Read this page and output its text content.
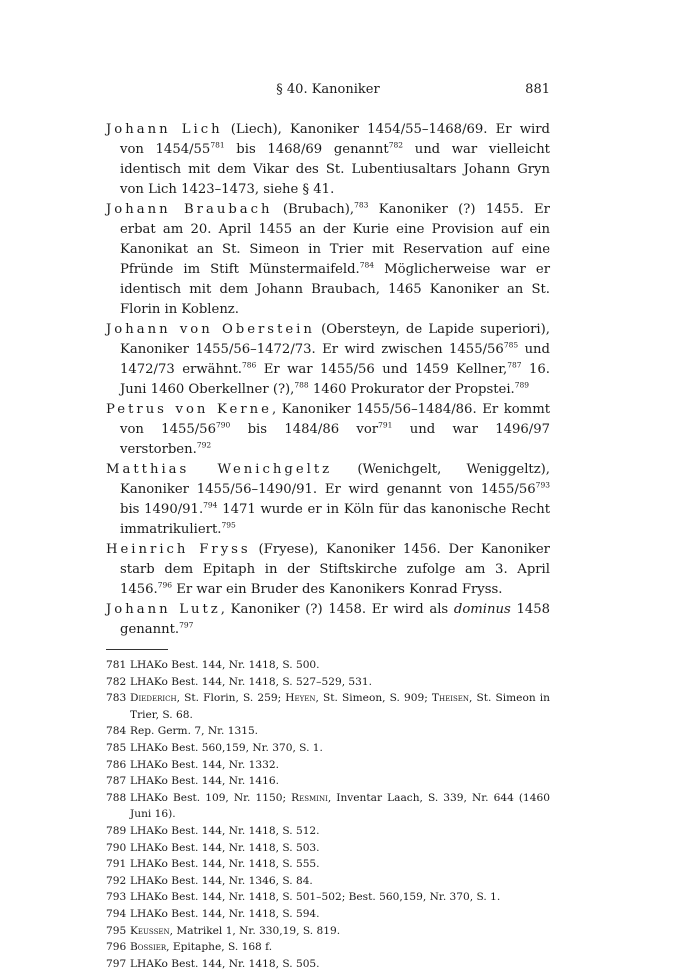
§ 40. Kanoniker	881

Johann Lich (Liech), Kanoniker 1454/55–1468/69. Er wird von $1454/55^{781}$ bis 1468/69 genannt$^{782}$ und war vielleicht identisch mit dem Vikar des St. Lubentiusaltars Johann Gryn von Lich 1423–1473, siehe § 41.

Johann Braubach (Brubach),$^{783}$ Kanoniker (?) 1455. Er erbat am 20. April 1455 an der Kurie eine Provision auf ein Kanonikat an St. Simeon in Trier mit Reservation auf eine Pfründe im Stift Münstermaifeld.$^{784}$ Möglicherweise war er identisch mit dem Johann Braubach, 1465 Kanoniker an St. Florin in Koblenz.

Johann von Oberstein (Obersteyn, de Lapide superiori), Kanoniker 1455/56–1472/73. Er wird zwischen $1455/56^{785}$ und 1472/73 erwähnt.$^{786}$ Er war 1455/56 und 1459 Kellner,$^{787}$ 16. Juni 1460 Oberkellner (?),$^{788}$ 1460 Prokurator der Propstei.$^{789}$

Petrus von Kerne, Kanoniker 1455/56–1484/86. Er kommt von $1455/56^{790}$ bis 1484/86 vor$^{791}$ und war 1496/97 verstorben.$^{792}$

Matthias Wenichgeltz (Wenichgelt, Weniggeltz), Kanoniker 1455/56–1490/91. Er wird genannt von $1455/56^{793}$ bis 1490/91.$^{794}$ 1471 wurde er in Köln für das kanonische Recht immatrikuliert.$^{795}$

Heinrich Fryss (Fryese), Kanoniker 1456. Der Kanoniker starb dem Epitaph in der Stiftskirche zufolge am 3. April 1456.$^{796}$ Er war ein Bruder des Kanonikers Konrad Fryss.

Johann Lutz, Kanoniker (?) 1458. Er wird als dominus 1458 genannt.$^{797}$

781 LHAKo Best. 144, Nr. 1418, S. 500.
782 LHAKo Best. 144, Nr. 1418, S. 527–529, 531.
783 Diederich, St. Florin, S. 259; Heyen, St. Simeon, S. 909; Theisen, St. Simeon in Trier, S. 68.
784 Rep. Germ. 7, Nr. 1315.
785 LHAKo Best. 560,159, Nr. 370, S. 1.
786 LHAKo Best. 144, Nr. 1332.
787 LHAKo Best. 144, Nr. 1416.
788 LHAKo Best. 109, Nr. 1150; Resmini, Inventar Laach, S. 339, Nr. 644 (1460 Juni 16).
789 LHAKo Best. 144, Nr. 1418, S. 512.
790 LHAKo Best. 144, Nr. 1418, S. 503.
791 LHAKo Best. 144, Nr. 1418, S. 555.
792 LHAKo Best. 144, Nr. 1346, S. 84.
793 LHAKo Best. 144, Nr. 1418, S. 501–502; Best. 560,159, Nr. 370, S. 1.
794 LHAKo Best. 144, Nr. 1418, S. 594.
795 Keussen, Matrikel 1, Nr. 330,19, S. 819.
796 Bossier, Epitaphe, S. 168 f.
797 LHAKo Best. 144, Nr. 1418, S. 505.
